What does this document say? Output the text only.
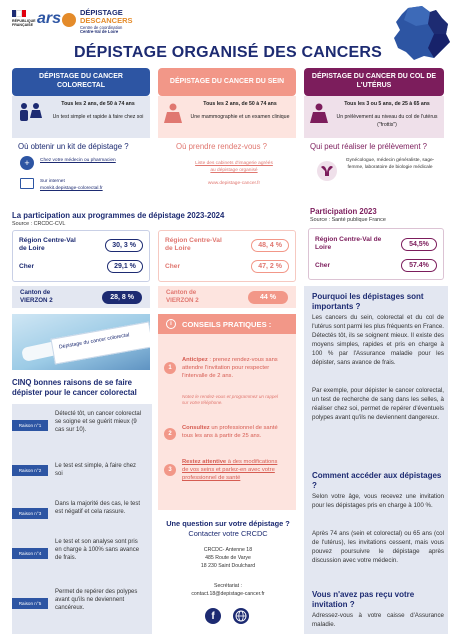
RÉPUBLIQUE
FRANÇAISE ars	DÉPISTAGE
DESCANCERS
Centre de coordination
Centre-Val de Loire
DÉPISTAGE ORGANISÉ DES CANCERS
DÉPISTAGE DU CANCER COLORECTAL
DÉPISTAGE DU CANCER DU SEIN
DÉPISTAGE DU CANCER DU COL DE L'UTÉRUS
Tous les 2 ans, de 50 à 74 ans
Un test simple et rapide à faire chez soi
Tous les 2 ans, de 50 à 74 ans
Une mammographie et un examen clinique
Tous les 3 ou 5 ans, de 25 à 65 ans
Un prélèvement au niveau du col de l'utérus ("frottis")
Où obtenir un kit de dépistage ?	Où prendre rendez-vous ?	Qui peut réaliser le prélèvement ?
+	Chez votre médecin ou pharmacien
Sur internet
monkit.depistage-colorectal.fr
Liste des cabinets d'imagerie agréés au dépistage organisé
www.depistage-cancer.fr
Gynécologue, médecin généraliste, sage-femme, laboratoire de biologie médicale
La participation aux programmes de dépistage 2023-2024
Source : CRCDC-CVL
Région Centre-Val de Loire	30, 3 %
Cher	29,1 %
Région Centre-Val de Loire	48, 4 %
Cher	47, 2 %
Canton de
VIERZON 2	28, 8 %
Canton de
VIERZON 2	44 %
Participation 2023
Source : Santé publique France
Région Centre-Val de Loire	54,5%
Cher	57.4%
Dépistage du cancer colorectal
CINQ bonnes raisons de se faire
dépister pour le cancer colorectal
Raison n°1
Détecté tôt, un cancer colorectal se soigne et se guérit mieux (9 cas sur 10).
Raison n°2
Le test est simple, à faire chez soi
Raison n°3
Dans la majorité des cas, le test est négatif et cela rassure.
Raison n°4
Le test et son analyse sont pris en charge à 100% sans avance de frais.
Raison n°5
Permet de repérer des polypes avant qu'ils ne deviennent cancéreux.
i	CONSEILS PRATIQUES :
1
Anticipez : prenez rendez-vous sans attendre l'invitation pour respecter l'intervalle de 2 ans.
Notez le rendez-vous et programmez un rappel sur votre téléphone.
2
Consultez un professionnel de santé tous les ans à partir de 25 ans.
3
Restez attentive à des modifications de vos seins et parlez-en avec votre professionnel de santé
Une question sur votre dépistage ?
Contacter votre CRCDC
CRCDC- Antenne 18
485 Route de Varye
18 230 Saint Doulchard
Secrétariat :
contact.18@depistage-cancer.fr
f
Pourquoi les dépistages sont importants ?
Les cancers du sein, colorectal et du col de l'utérus sont parmi les plus fréquents en France. Détectés tôt, ils se soignent mieux. Il existe des moyens simples, rapides et pris en charge à 100 % par l'Assurance maladie pour les dépister, sans avance de frais.
Par exemple, pour dépister le cancer colorectal, un test de recherche de sang dans les selles, à réaliser chez soi, permet de repérer d'éventuels polypes avant qu'ils ne deviennent dangereux.
Comment accéder aux dépistages ?
Selon votre âge, vous recevez une invitation pour les dépistages pris en charge à 100 %.
Après 74 ans (sein et colorectal) ou 65 ans (col de l'utérus), les invitations cessent, mais vous pouvez poursuivre le dépistage après discussion avec votre médecin.
Vous n'avez pas reçu votre invitation ?
Adressez-vous à votre caisse d'Assurance maladie.
